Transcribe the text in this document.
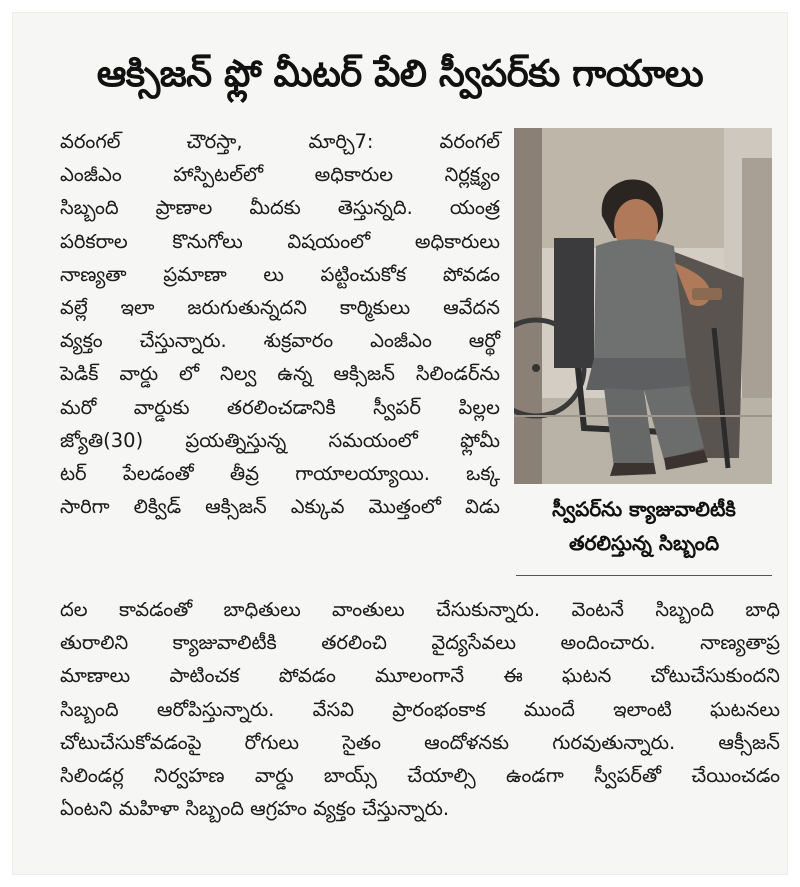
ఆక్సిజన్ ఫ్లో మీటర్ పేలి స్వీపర్‌కు గాయాలు
వరంగల్ చౌరస్తా, మార్చి7: వరంగల్
ఎంజీఎం హాస్పిటల్‌లో అధికారుల నిర్లక్ష్యం
సిబ్బంది ప్రాణాల మీదకు తెస్తున్నది. యంత్ర
పరికరాల కొనుగోలు విషయంలో అధికారులు
నాణ్యతా ప్రమాణా లు పట్టించుకోక పోవడం
వల్లే ఇలా జరుగుతున్నదని కార్మికులు ఆవేదన
వ్యక్తం చేస్తున్నారు. శుక్రవారం ఎంజీఎం ఆర్థో
పెడిక్ వార్డు లో నిల్వ ఉన్న ఆక్సిజన్ సిలిండర్‌ను
మరో వార్డుకు తరలించడానికి స్వీపర్ పిల్లల
జ్యోతి(30) ప్రయత్నిస్తున్న సమయంలో ఫ్లోమీ
టర్ పేలడంతో తీవ్ర గాయాలయ్యాయి. ఒక్క
సారిగా లిక్విడ్ ఆక్సిజన్ ఎక్కువ మొత్తంలో విడు	స్వీపర్‌ను క్యాజువాలిటీకి
తరలిస్తున్న సిబ్బంది
దల కావడంతో బాధితులు వాంతులు చేసుకున్నారు. వెంటనే సిబ్బంది బాధి
తురాలిని క్యాజువాలిటీకి తరలించి వైద్యసేవలు అందించారు. నాణ్యతాప్ర
మాణాలు పాటించక పోవడం మూలంగానే ఈ ఘటన చోటుచేసుకుందని
సిబ్బంది ఆరోపిస్తున్నారు. వేసవి ప్రారంభంకాక ముందే ఇలాంటి ఘటనలు
చోటుచేసుకోవడంపై రోగులు సైతం ఆందోళనకు గురవుతున్నారు. ఆక్సీజన్
సిలిండర్ల నిర్వహణ వార్డు బాయ్స్ చేయాల్సి ఉండగా స్వీపర్‌తో చేయించడం
ఏంటని మహిళా సిబ్బంది ఆగ్రహం వ్యక్తం చేస్తున్నారు.
